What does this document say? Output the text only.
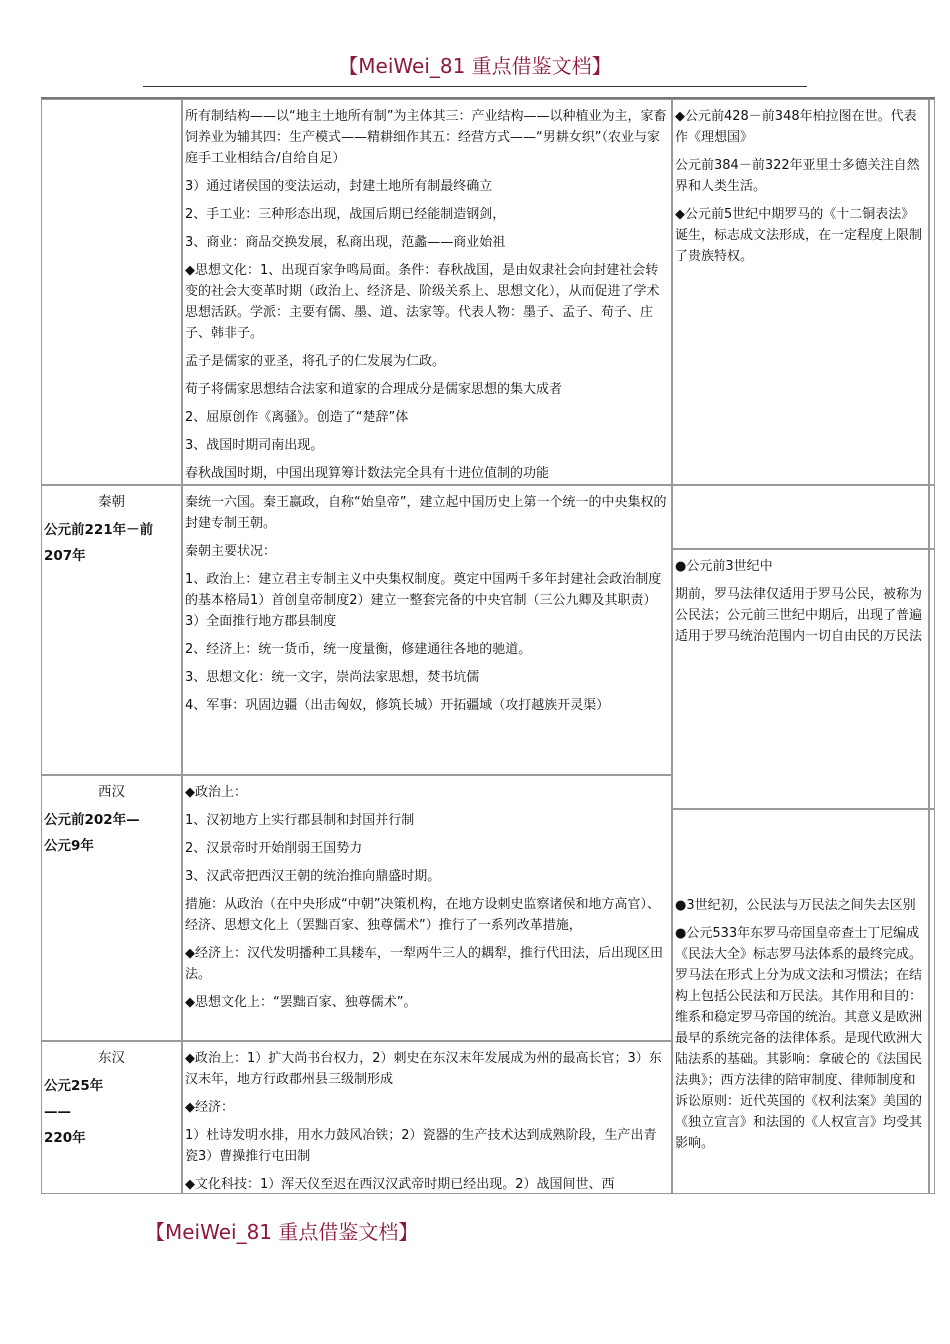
【MeiWei_81 重点借鉴文档】

所有制结构——以“地主土地所有制”为主体其三：产业结构——以种植业为主，家畜饲养业为辅其四：生产模式——精耕细作其五：经营方式——“男耕女织”（农业与家庭手工业相结合/自给自足）

3）通过诸侯国的变法运动，封建土地所有制最终确立

2、手工业：三种形态出现，战国后期已经能制造钢剑，

3、商业：商品交换发展，私商出现，范蠡——商业始祖

◆思想文化：1、出现百家争鸣局面。条件：春秋战国，是由奴隶社会向封建社会转变的社会大变革时期（政治上、经济是、阶级关系上、思想文化），从而促进了学术思想活跃。学派：主要有儒、墨、道、法家等。代表人物：墨子、孟子、荀子、庄子、韩非子。

孟子是儒家的亚圣，将孔子的仁发展为仁政。

荀子将儒家思想结合法家和道家的合理成分是儒家思想的集大成者

2、屈原创作《离骚》。创造了“楚辞”体

3、战国时期司南出现。

春秋战国时期，中国出现算筹计数法完全具有十进位值制的功能

◆公元前428－前348年柏拉图在世。代表作《理想国》

公元前384－前322年亚里士多德关注自然界和人类生活。

◆公元前5世纪中期罗马的《十二铜表法》诞生，标志成文法形成，在一定程度上限制了贵族特权。

秦朝

公元前221年－前

207年

秦统一六国。秦王嬴政，自称“始皇帝”，建立起中国历史上第一个统一的中央集权的封建专制王朝。

秦朝主要状况：

1、政治上：建立君主专制主义中央集权制度。奠定中国两千多年封建社会政治制度的基本格局1）首创皇帝制度2）建立一整套完备的中央官制（三公九卿及其职责）3）全面推行地方郡县制度

2、经济上：统一货币，统一度量衡，修建通往各地的驰道。

3、思想文化：统一文字，崇尚法家思想，焚书坑儒

4、军事：巩固边疆（出击匈奴，修筑长城）开拓疆域（攻打越族开灵渠）

●公元前3世纪中

期前，罗马法律仅适用于罗马公民，被称为公民法；公元前三世纪中期后，出现了普遍适用于罗马统治范围内一切自由民的万民法

西汉

公元前202年—

公元9年

◆政治上：

1、汉初地方上实行郡县制和封国并行制

2、汉景帝时开始削弱王国势力

3、汉武帝把西汉王朝的统治推向鼎盛时期。

措施：从政治（在中央形成“中朝”决策机构，在地方设刺史监察诸侯和地方高官）、经济、思想文化上（罢黜百家、独尊儒术”）推行了一系列改革措施，

◆经济上：汉代发明播种工具耧车，一犁两牛三人的耦犁，推行代田法，后出现区田法。

◆思想文化上：“罢黜百家、独尊儒术”。

●3世纪初，公民法与万民法之间失去区别

●公元533年东罗马帝国皇帝查士丁尼编成《民法大全》标志罗马法体系的最终完成。罗马法在形式上分为成文法和习惯法；在结构上包括公民法和万民法。其作用和目的：维系和稳定罗马帝国的统治。其意义是欧洲最早的系统完备的法律体系。是现代欧洲大陆法系的基础。其影响：拿破仑的《法国民法典》；西方法律的陪审制度、律师制度和诉讼原则：近代英国的《权利法案》美国的《独立宣言》和法国的《人权宣言》均受其影响。

东汉

公元25年

——

220年

◆政治上：1）扩大尚书台权力，2）刺史在东汉末年发展成为州的最高长官；3）东汉末年，地方行政郡州县三级制形成

◆经济：

1）杜诗发明水排，用水力鼓风冶铁；2）瓷器的生产技术达到成熟阶段，生产出青瓷3）曹操推行屯田制

◆文化科技：1）浑天仪至迟在西汉汉武帝时期已经出现。2）战国间世、西

【MeiWei_81 重点借鉴文档】
